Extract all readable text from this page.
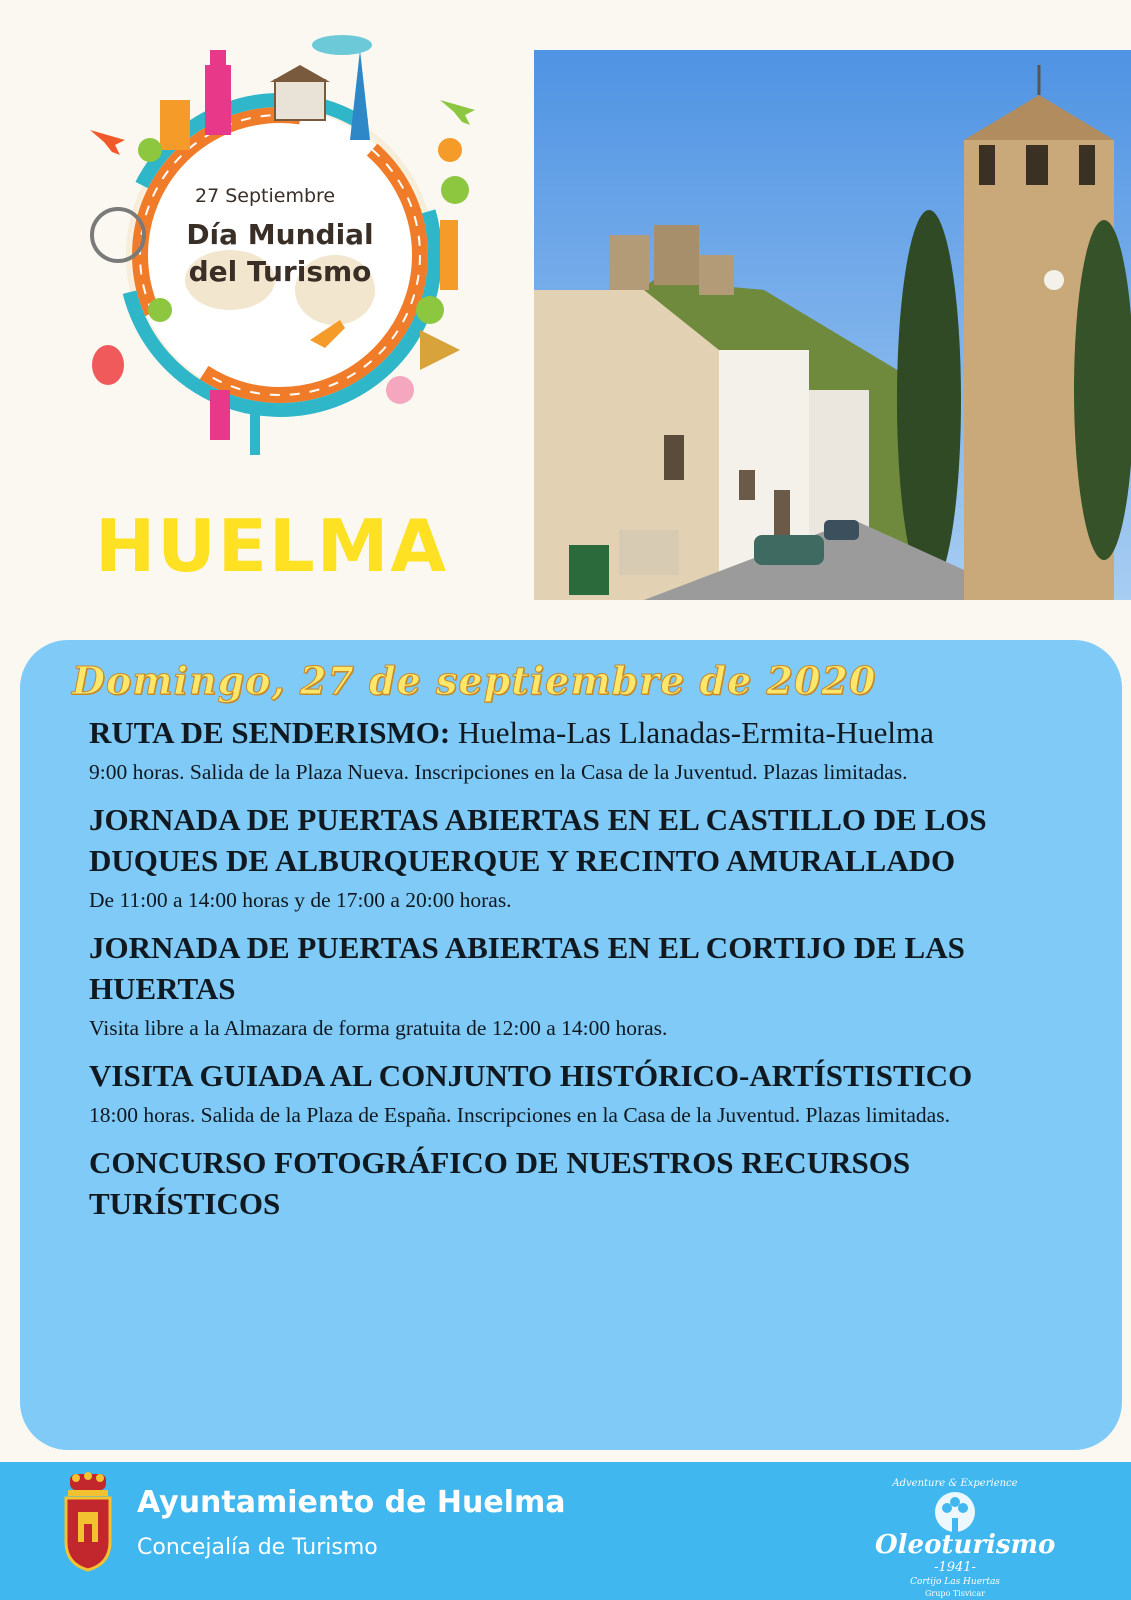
27 Septiembre
Día Mundial
del Turismo
HUELMA
Domingo, 27 de septiembre de 2020
RUTA DE SENDERISMO: Huelma-Las Llanadas-Ermita-Huelma
9:00 horas. Salida de la Plaza Nueva. Inscripciones en la Casa de la Juventud. Plazas limitadas.
JORNADA DE PUERTAS ABIERTAS EN EL CASTILLO DE LOS DUQUES DE ALBURQUERQUE Y RECINTO AMURALLADO
De 11:00 a 14:00 horas y de 17:00 a 20:00 horas.
JORNADA DE PUERTAS ABIERTAS EN EL CORTIJO DE LAS HUERTAS
Visita libre a la Almazara de forma gratuita de 12:00 a 14:00 horas.
VISITA GUIADA AL CONJUNTO HISTÓRICO-ARTÍSTISTICO
18:00 horas. Salida de la Plaza de España. Inscripciones en la Casa de la Juventud. Plazas limitadas.
CONCURSO FOTOGRÁFICO DE NUESTROS RECURSOS TURÍSTICOS
Ayuntamiento de Huelma
Concejalía de Turismo
Adventure & Experience
Oleoturismo
-1941-
Cortijo Las Huertas
Grupo Tisvicar
